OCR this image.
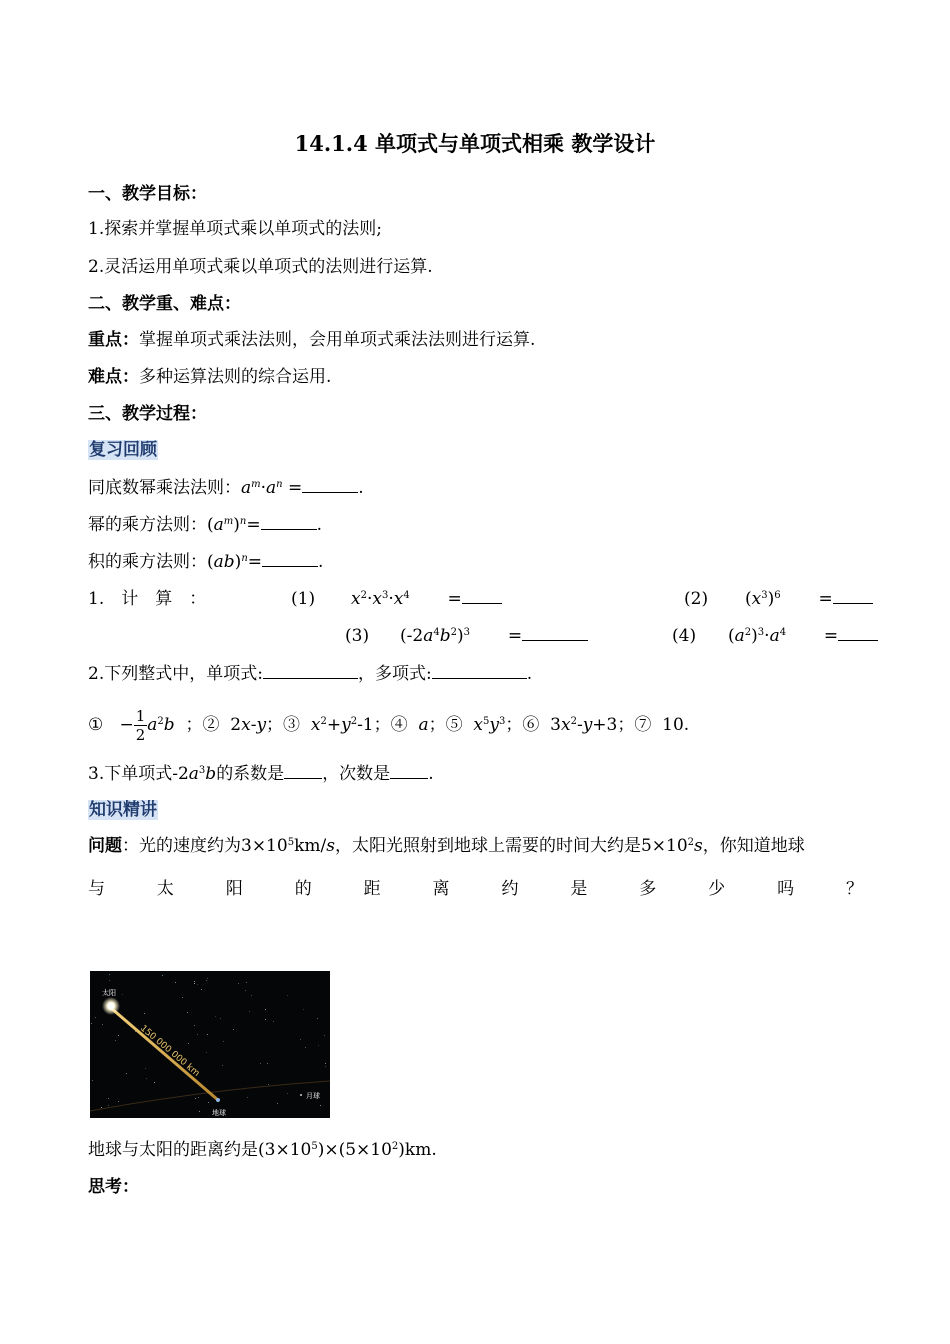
14.1.4 单项式与单项式相乘 教学设计
一、教学目标：
1.探索并掌握单项式乘以单项式的法则;
2.灵活运用单项式乘以单项式的法则进行运算.
二、教学重、难点：
重点：掌握单项式乘法法则，会用单项式乘法法则进行运算.
难点：多种运算法则的综合运用.
三、教学过程：
复习回顾
同底数幂乘法法则：$a^m\cdot a^n$ =	.
幂的乘方法则：$(a^m)^n=$	.
积的乘方法则：(ab)$^n$=	.
1.　计　算　：	(1) $x^2\cdot x^3\cdot x^4$       =	(2) $(x^3)^6$       =
(3) $(-2a^4b^2)^3$       =	(4) $(a^2)^3\cdot a^4$       =
2.下列整式中，单项式:	，多项式:	.
①   − $\frac{1}{2} a^2b$  ；②  2x-y；③  $x^2+y^2-1$；④  a；⑤  $x^5y^3$；⑥  $3x^2-y+3$；⑦  10.
3.下单项式$-2a^3b$的系数是 ，次数是 .
知识精讲
问题：光的速度约为$3\times 10^5km/s$，太阳光照射到地球上需要的时间大约是$5\times 10^2s$，你知道地球
与	太	阳	的	距	离	约	是	多	少	吗	？
太阳
地球
月球
150 000 000 km
地球与太阳的距离约是$(3\times 10^5)\times(5\times 10^2)km$.
思考：
